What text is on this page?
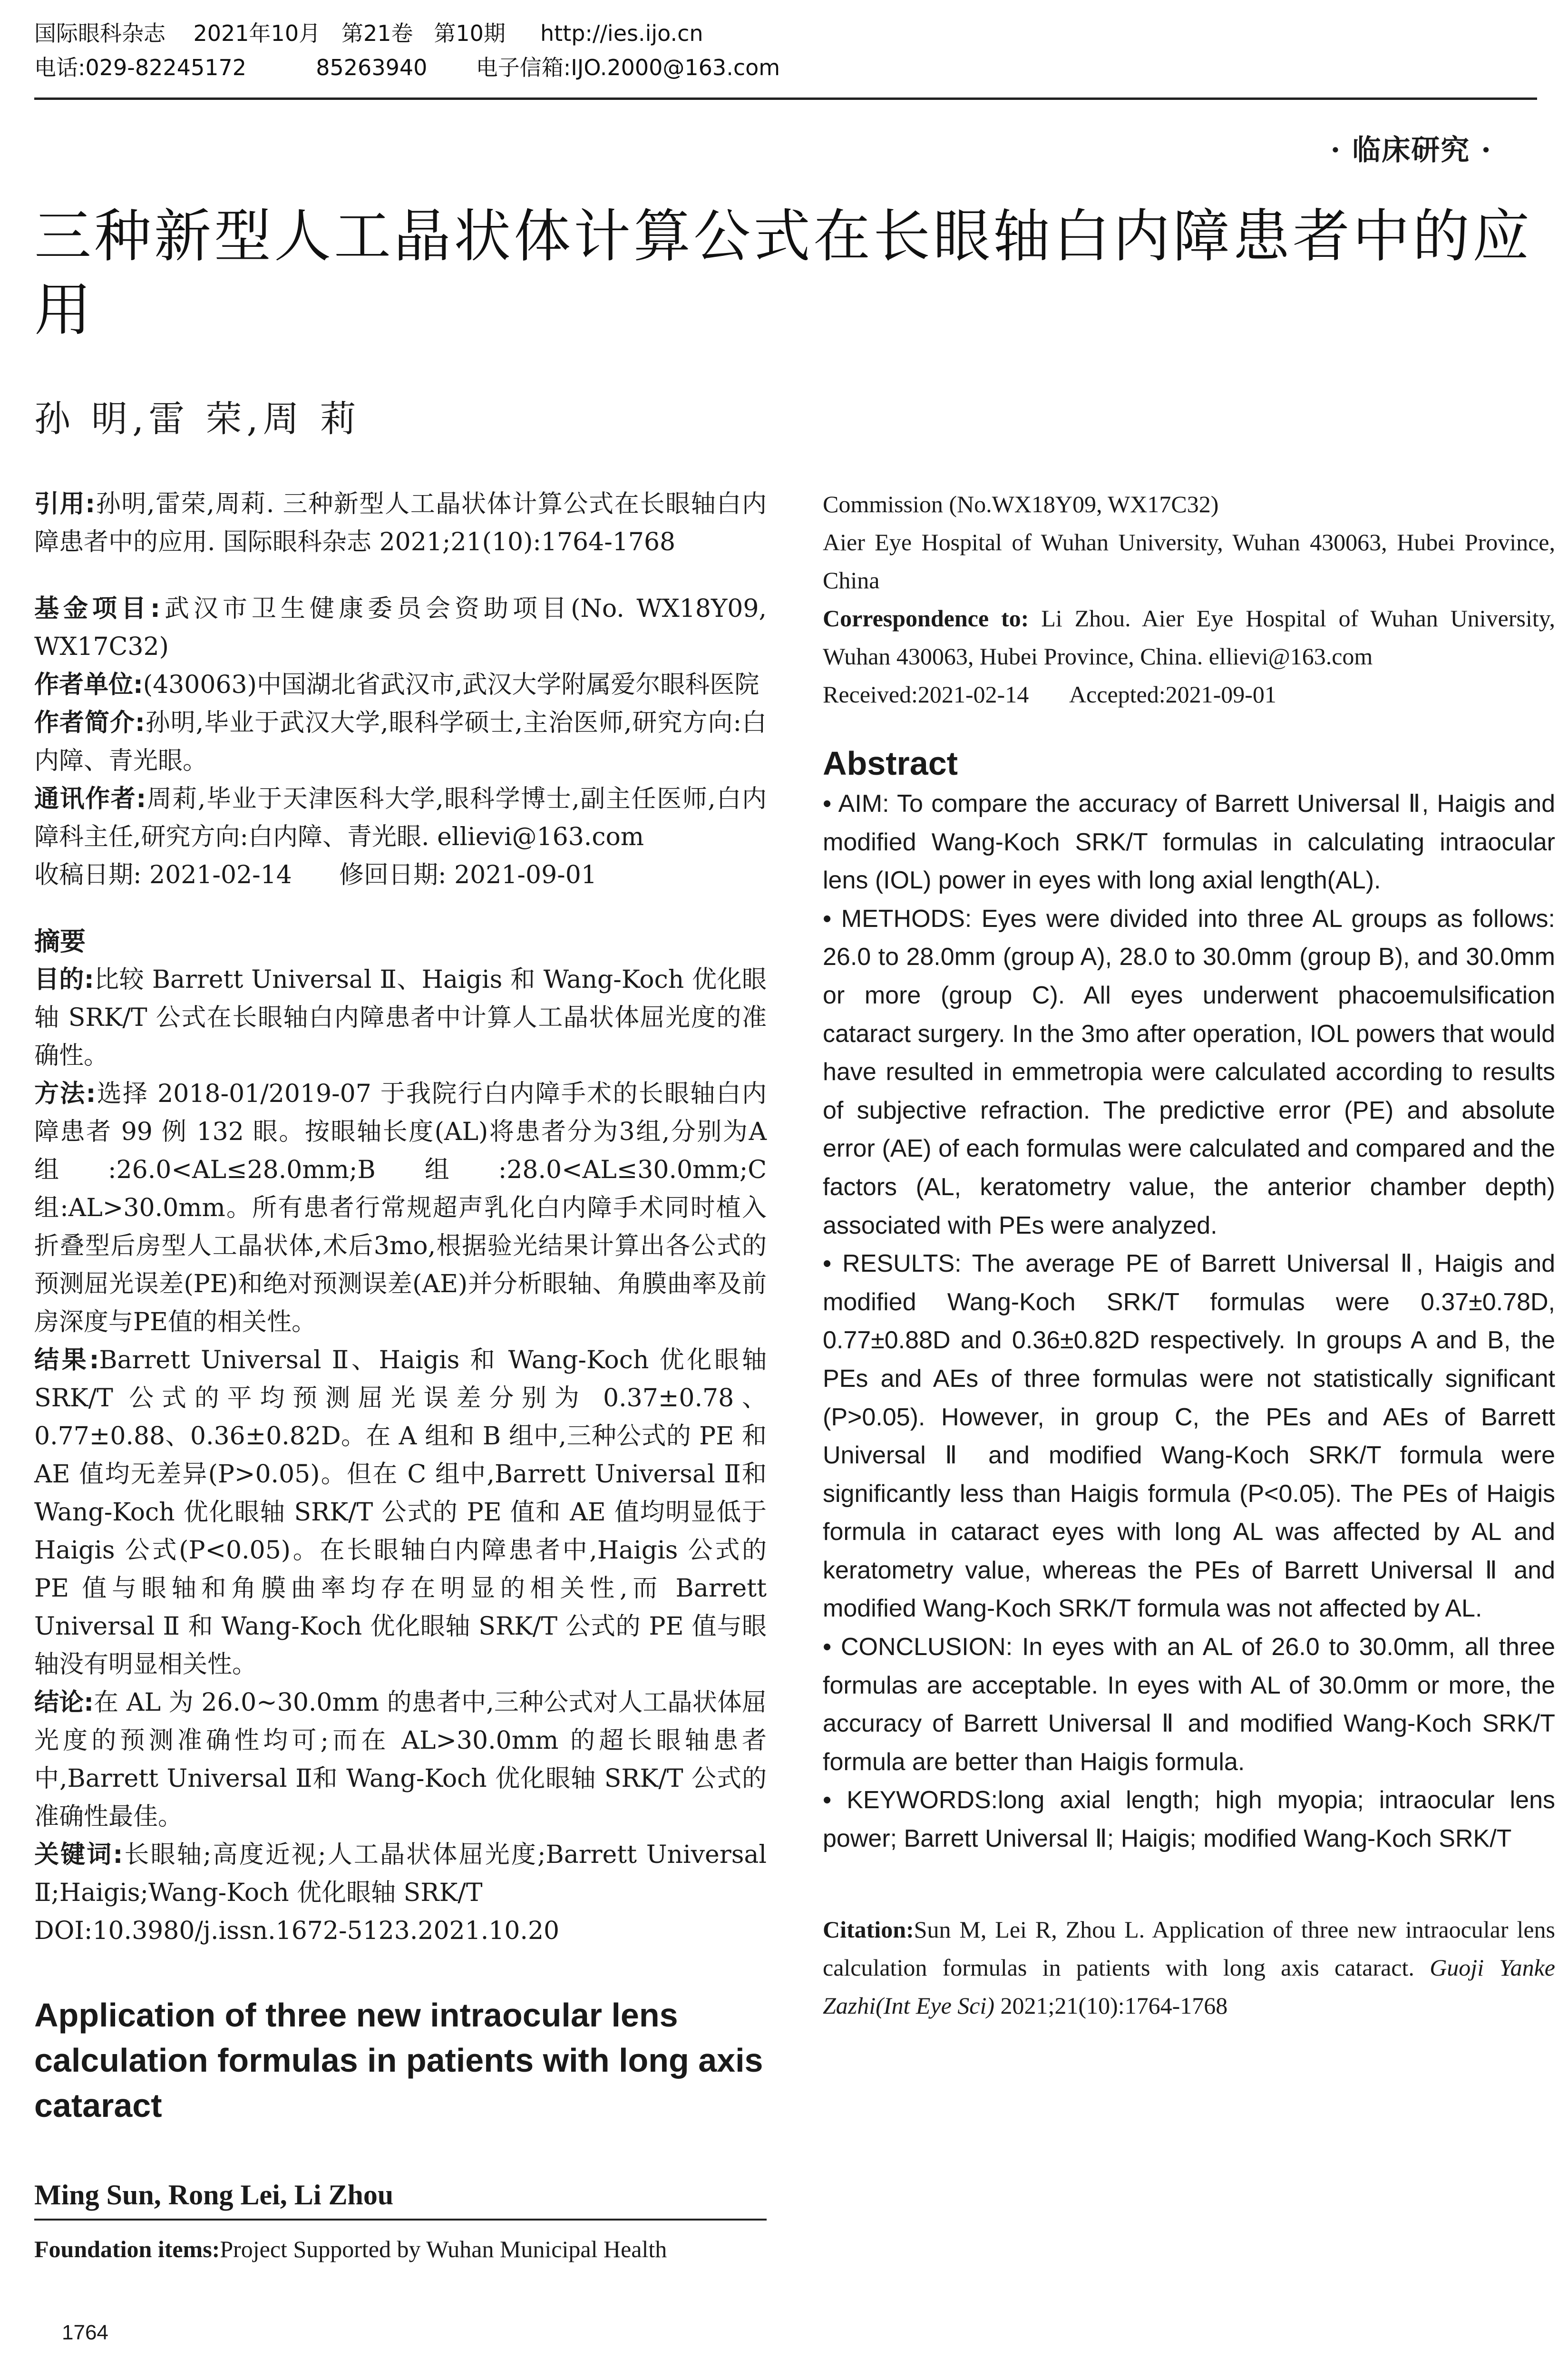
国际眼科杂志    2021年10月   第21卷   第10期     http://ies.ijo.cn
电话:029-82245172          85263940       电子信箱:IJO.2000@163.com
· 临床研究 ·
三种新型人工晶状体计算公式在长眼轴白内障患者中的应用
孙 明,雷 荣,周 莉

引用:孙明,雷荣,周莉. 三种新型人工晶状体计算公式在长眼轴白内障患者中的应用. 国际眼科杂志 2021;21(10):1764-1768

基金项目:武汉市卫生健康委员会资助项目(No. WX18Y09, WX17C32)

作者单位:(430063)中国湖北省武汉市,武汉大学附属爱尔眼科医院

作者简介:孙明,毕业于武汉大学,眼科学硕士,主治医师,研究方向:白内障、青光眼。

通讯作者:周莉,毕业于天津医科大学,眼科学博士,副主任医师,白内障科主任,研究方向:白内障、青光眼. ellievi@163.com

收稿日期: 2021-02-14      修回日期: 2021-09-01

摘要

目的:比较 Barrett Universal Ⅱ、Haigis 和 Wang-Koch 优化眼轴 SRK/T 公式在长眼轴白内障患者中计算人工晶状体屈光度的准确性。

方法:选择 2018-01/2019-07 于我院行白内障手术的长眼轴白内障患者 99 例 132 眼。按眼轴长度(AL)将患者分为3组,分别为A组:26.0<AL≤28.0mm;B组:28.0<AL≤30.0mm;C组:AL>30.0mm。所有患者行常规超声乳化白内障手术同时植入折叠型后房型人工晶状体,术后3mo,根据验光结果计算出各公式的预测屈光误差(PE)和绝对预测误差(AE)并分析眼轴、角膜曲率及前房深度与PE值的相关性。

结果:Barrett Universal Ⅱ、Haigis 和 Wang-Koch 优化眼轴 SRK/T 公式的平均预测屈光误差分别为 0.37±0.78、0.77±0.88、0.36±0.82D。在 A 组和 B 组中,三种公式的 PE 和 AE 值均无差异(P>0.05)。但在 C 组中,Barrett Universal Ⅱ和 Wang-Koch 优化眼轴 SRK/T 公式的 PE 值和 AE 值均明显低于 Haigis 公式(P<0.05)。在长眼轴白内障患者中,Haigis 公式的 PE 值与眼轴和角膜曲率均存在明显的相关性,而 Barrett Universal Ⅱ 和 Wang-Koch 优化眼轴 SRK/T 公式的 PE 值与眼轴没有明显相关性。

结论:在 AL 为 26.0~30.0mm 的患者中,三种公式对人工晶状体屈光度的预测准确性均可;而在 AL>30.0mm 的超长眼轴患者中,Barrett Universal Ⅱ和 Wang-Koch 优化眼轴 SRK/T 公式的准确性最佳。

关键词:长眼轴;高度近视;人工晶状体屈光度;Barrett Universal Ⅱ;Haigis;Wang-Koch 优化眼轴 SRK/T

DOI:10.3980/j.issn.1672-5123.2021.10.20

Application of three new intraocular lens calculation formulas in patients with long axis cataract

Ming Sun, Rong Lei, Li Zhou

Foundation items:Project Supported by Wuhan Municipal Health

Commission (No.WX18Y09, WX17C32)

Aier Eye Hospital of Wuhan University, Wuhan 430063, Hubei Province, China

Correspondence to: Li Zhou. Aier Eye Hospital of Wuhan University, Wuhan 430063, Hubei Province, China. ellievi@163.com

Received:2021-02-14       Accepted:2021-09-01

Abstract

• AIM: To compare the accuracy of Barrett Universal Ⅱ, Haigis and modified Wang-Koch SRK/T formulas in calculating intraocular lens (IOL) power in eyes with long axial length(AL).

• METHODS: Eyes were divided into three AL groups as follows: 26.0 to 28.0mm (group A), 28.0 to 30.0mm (group B), and 30.0mm or more (group C). All eyes underwent phacoemulsification cataract surgery. In the 3mo after operation, IOL powers that would have resulted in emmetropia were calculated according to results of subjective refraction. The predictive error (PE) and absolute error (AE) of each formulas were calculated and compared and the factors (AL, keratometry value, the anterior chamber depth) associated with PEs were analyzed.

• RESULTS: The average PE of Barrett Universal Ⅱ, Haigis and modified Wang-Koch SRK/T formulas were 0.37±0.78D, 0.77±0.88D and 0.36±0.82D respectively. In groups A and B, the PEs and AEs of three formulas were not statistically significant (P>0.05). However, in group C, the PEs and AEs of Barrett Universal Ⅱ and modified Wang-Koch SRK/T formula were significantly less than Haigis formula (P<0.05). The PEs of Haigis formula in cataract eyes with long AL was affected by AL and keratometry value, whereas the PEs of Barrett Universal Ⅱ and modified Wang-Koch SRK/T formula was not affected by AL.

• CONCLUSION: In eyes with an AL of 26.0 to 30.0mm, all three formulas are acceptable. In eyes with AL of 30.0mm or more, the accuracy of Barrett Universal Ⅱ and modified Wang-Koch SRK/T formula are better than Haigis formula.

• KEYWORDS:long axial length; high myopia; intraocular lens power; Barrett Universal Ⅱ; Haigis; modified Wang-Koch SRK/T

Citation:Sun M, Lei R, Zhou L. Application of three new intraocular lens calculation formulas in patients with long axis cataract. Guoji Yanke Zazhi(Int Eye Sci) 2021;21(10):1764-1768

1764
